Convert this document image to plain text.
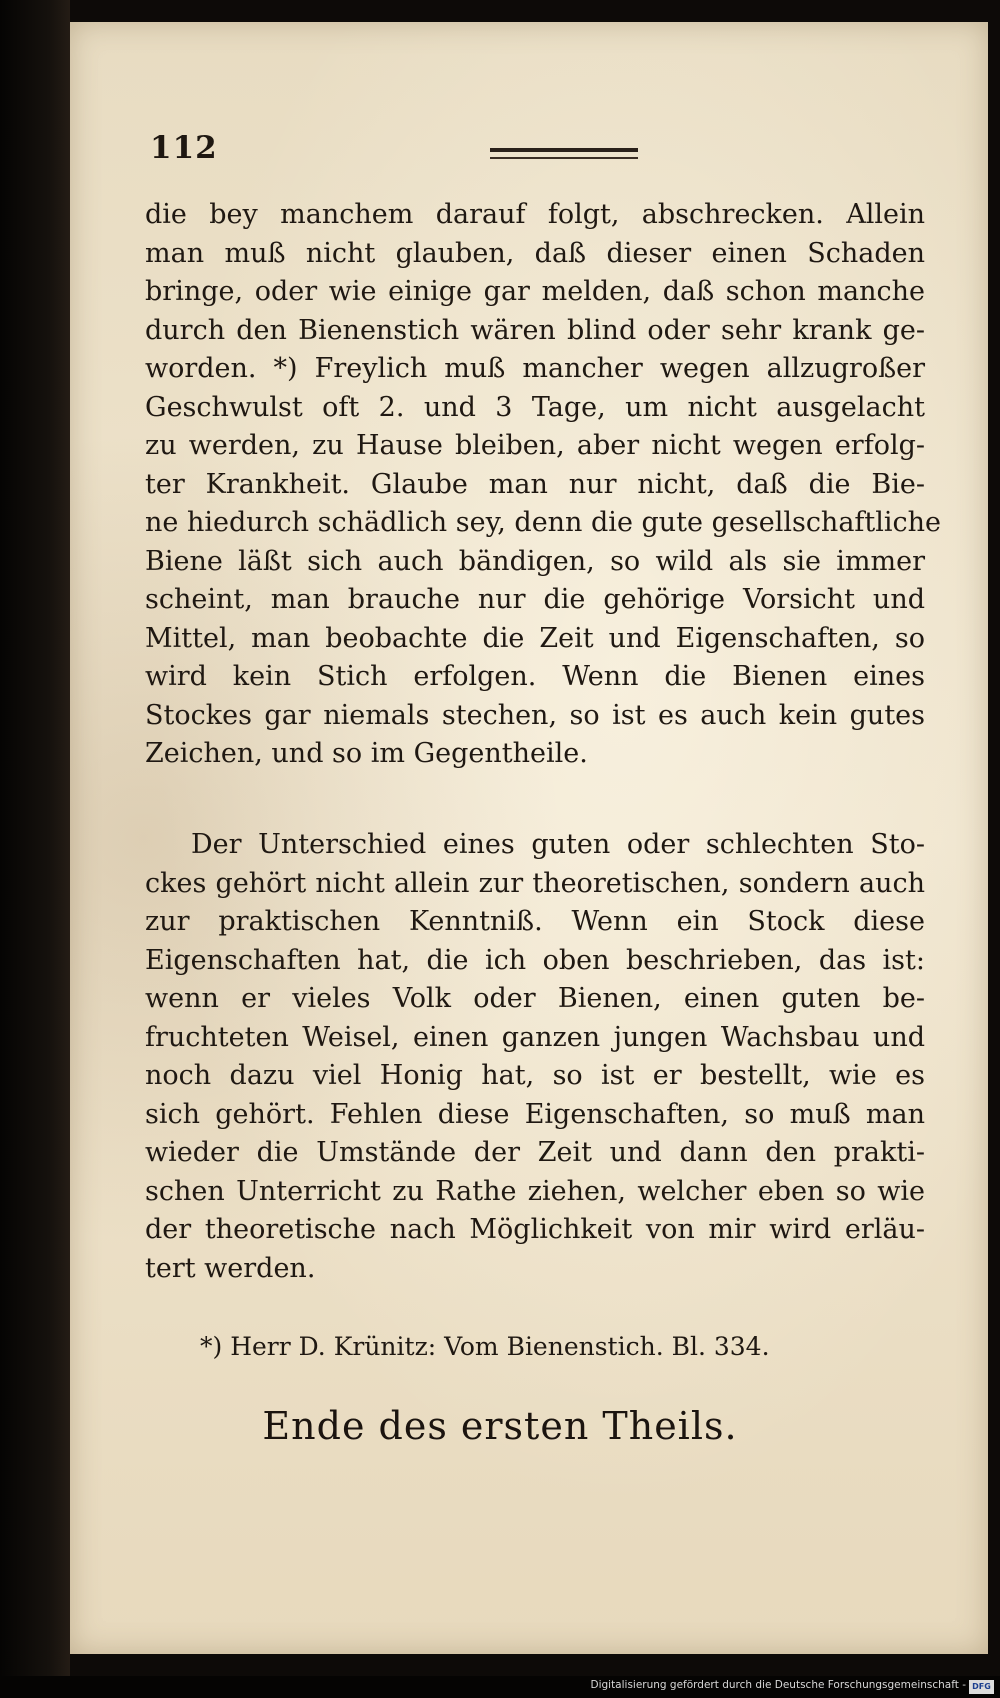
112
die bey manchem darauf folgt, abschrecken. Allein
man muß nicht glauben, daß dieser einen Schaden
bringe, oder wie einige gar melden, daß schon manche
durch den Bienenstich wären blind oder sehr krank ge-
worden. *) Freylich muß mancher wegen allzugroßer
Geschwulst oft 2. und 3 Tage, um nicht ausgelacht
zu werden, zu Hause bleiben, aber nicht wegen erfolg-
ter Krankheit. Glaube man nur nicht, daß die Bie-
ne hiedurch schädlich sey, denn die gute gesellschaftliche
Biene läßt sich auch bändigen, so wild als sie immer
scheint, man brauche nur die gehörige Vorsicht und
Mittel, man beobachte die Zeit und Eigenschaften, so
wird kein Stich erfolgen. Wenn die Bienen eines
Stockes gar niemals stechen, so ist es auch kein gutes
Zeichen, und so im Gegentheile.
Der Unterschied eines guten oder schlechten Sto-
ckes gehört nicht allein zur theoretischen, sondern auch
zur praktischen Kenntniß. Wenn ein Stock diese
Eigenschaften hat, die ich oben beschrieben, das ist:
wenn er vieles Volk oder Bienen, einen guten be-
fruchteten Weisel, einen ganzen jungen Wachsbau und
noch dazu viel Honig hat, so ist er bestellt, wie es
sich gehört. Fehlen diese Eigenschaften, so muß man
wieder die Umstände der Zeit und dann den prakti-
schen Unterricht zu Rathe ziehen, welcher eben so wie
der theoretische nach Möglichkeit von mir wird erläu-
tert werden.
*) Herr D. Krünitz: Vom Bienenstich. Bl. 334.
Ende des ersten Theils.
Digitalisierung gefördert durch die Deutsche Forschungsgemeinschaft - DFG
